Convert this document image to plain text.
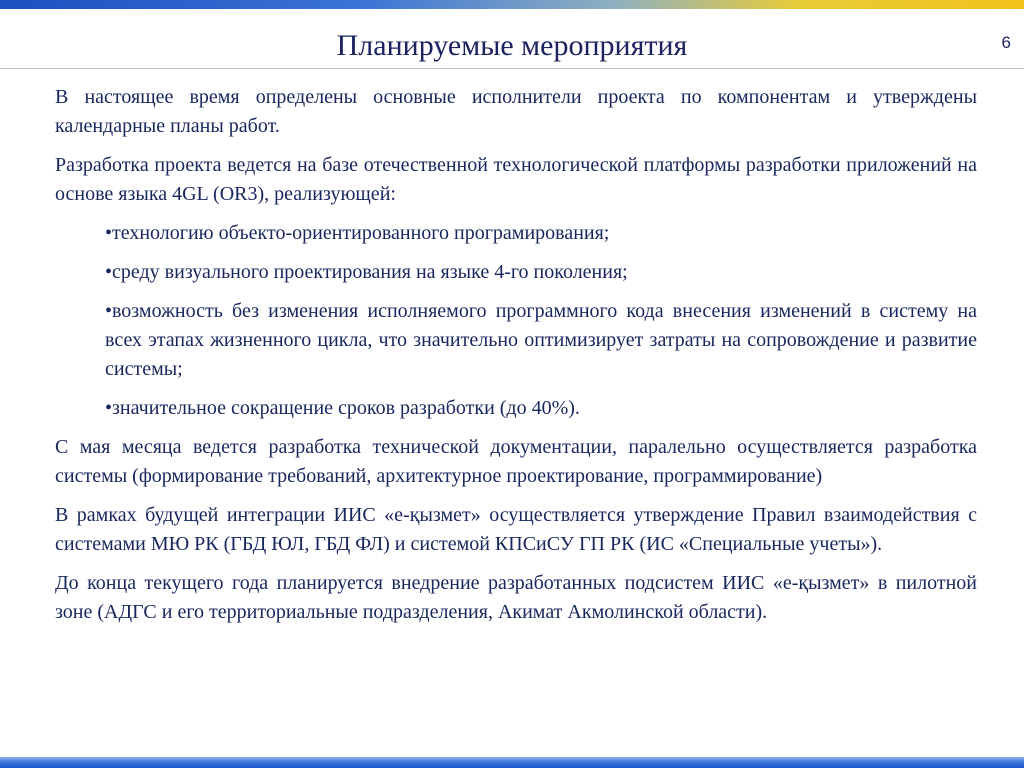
Планируемые мероприятия	6

В настоящее время определены основные исполнители проекта по компонентам и утверждены календарные планы работ.

Разработка проекта ведется на базе отечественной технологической платформы разработки приложений на основе языка 4GL (OR3), реализующей:

•технологию объекто-ориентированного програмирования;

•среду визуального проектирования на языке 4-го поколения;

•возможность без изменения исполняемого программного кода внесения изменений в систему на всех этапах жизненного цикла, что значительно оптимизирует затраты на сопровождение и развитие системы;

•значительное сокращение сроков разработки (до 40%).

С мая месяца ведется разработка технической документации, паралельно осуществляется разработка системы (формирование требований, архитектурное проектирование, программирование)

В рамках будущей интеграции ИИС «е-қызмет» осуществляется утверждение Правил взаимодействия с системами МЮ РК (ГБД ЮЛ, ГБД ФЛ) и системой КПСиСУ ГП РК (ИС «Специальные учеты»).

До конца текущего года планируется внедрение разработанных подсистем ИИС «е-қызмет» в пилотной зоне (АДГС и его территориальные подразделения, Акимат Акмолинской области).
